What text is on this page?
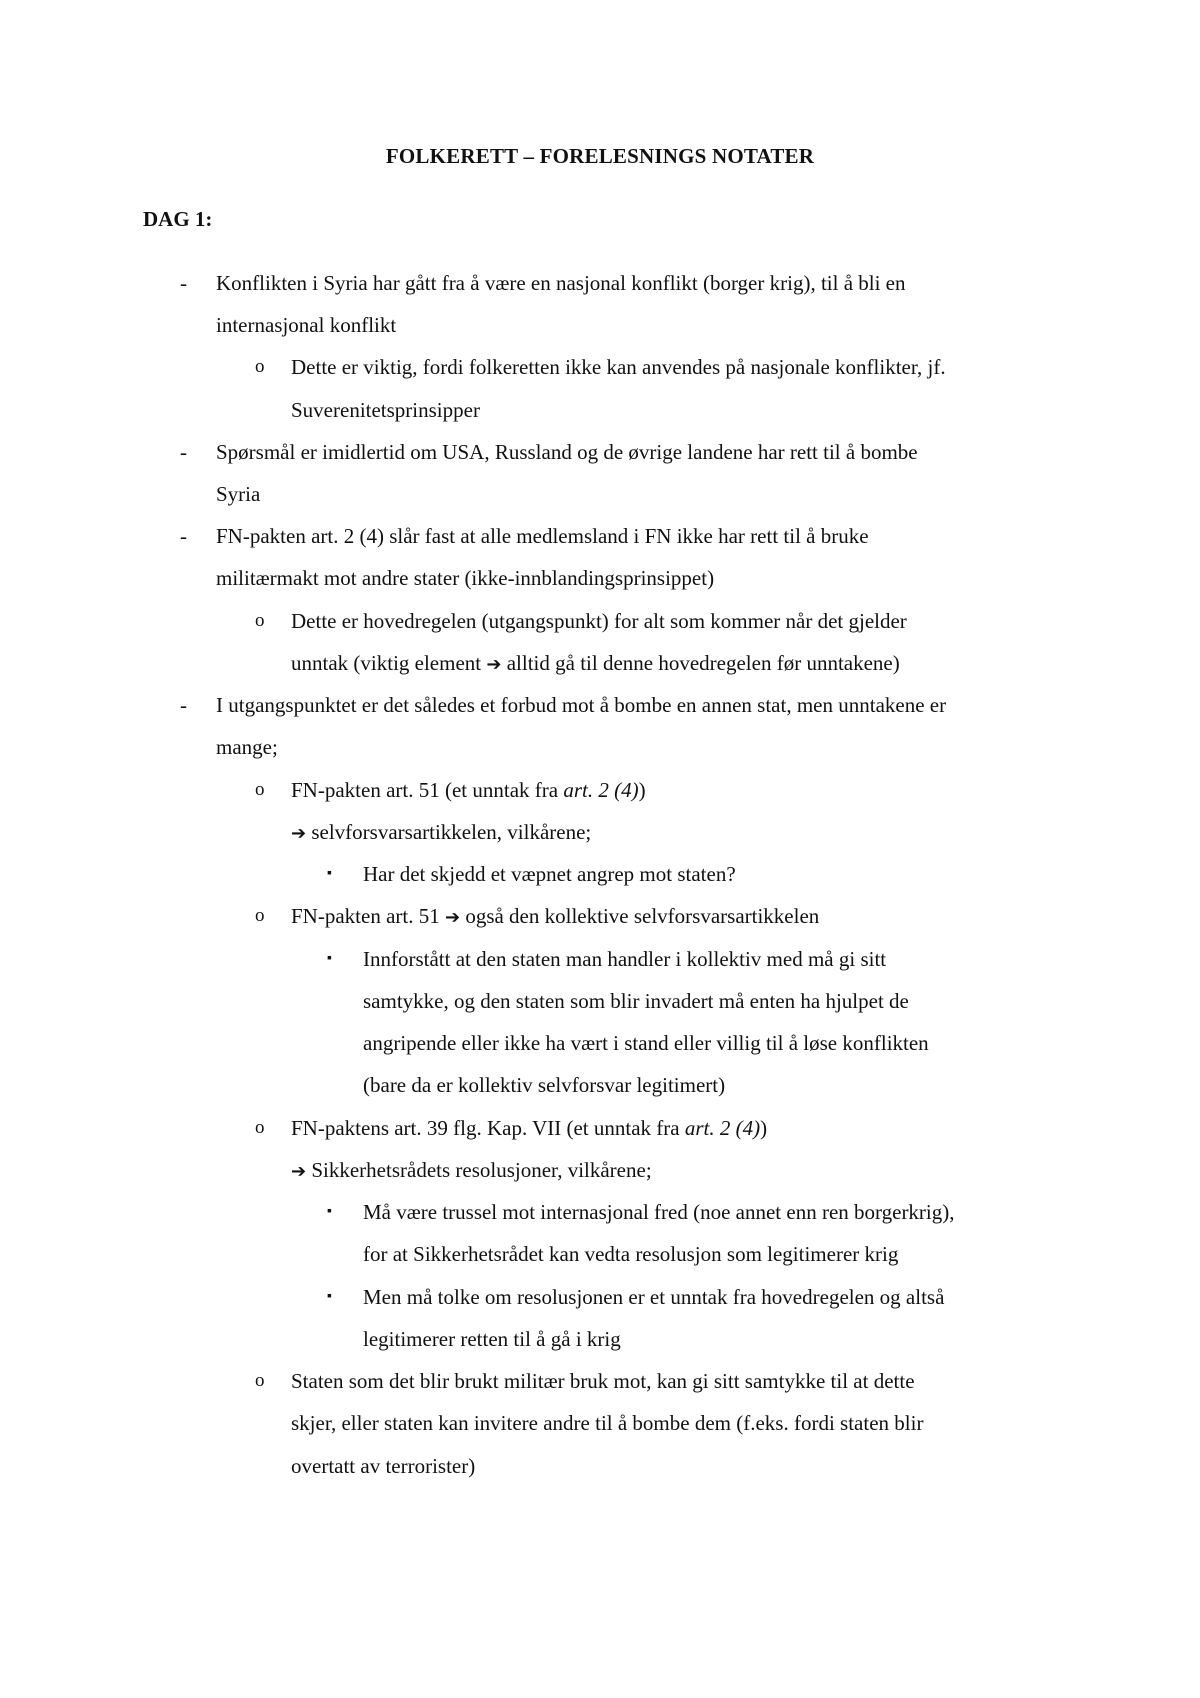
FOLKERETT – FORELESNINGS NOTATER
DAG 1:
- Konflikten i Syria har gått fra å være en nasjonal konflikt (borger krig), til å bli en
internasjonal konflikt
o Dette er viktig, fordi folkeretten ikke kan anvendes på nasjonale konflikter, jf.
Suverenitetsprinsipper
- Spørsmål er imidlertid om USA, Russland og de øvrige landene har rett til å bombe
Syria
- FN-pakten art. 2 (4) slår fast at alle medlemsland i FN ikke har rett til å bruke
militærmakt mot andre stater (ikke-innblandingsprinsippet)
o Dette er hovedregelen (utgangspunkt) for alt som kommer når det gjelder
unntak (viktig element ➔ alltid gå til denne hovedregelen før unntakene)
- I utgangspunktet er det således et forbud mot å bombe en annen stat, men unntakene er
mange;
o FN-pakten art. 51 (et unntak fra art. 2 (4))
➔ selvforsvarsartikkelen, vilkårene;
▪ Har det skjedd et væpnet angrep mot staten?
o FN-pakten art. 51 ➔ også den kollektive selvforsvarsartikkelen
▪ Innforstått at den staten man handler i kollektiv med må gi sitt
samtykke, og den staten som blir invadert må enten ha hjulpet de
angripende eller ikke ha vært i stand eller villig til å løse konflikten
(bare da er kollektiv selvforsvar legitimert)
o FN-paktens art. 39 flg. Kap. VII (et unntak fra art. 2 (4))
➔ Sikkerhetsrådets resolusjoner, vilkårene;
▪ Må være trussel mot internasjonal fred (noe annet enn ren borgerkrig),
for at Sikkerhetsrådet kan vedta resolusjon som legitimerer krig
▪ Men må tolke om resolusjonen er et unntak fra hovedregelen og altså
legitimerer retten til å gå i krig
o Staten som det blir brukt militær bruk mot, kan gi sitt samtykke til at dette
skjer, eller staten kan invitere andre til å bombe dem (f.eks. fordi staten blir
overtatt av terrorister)
